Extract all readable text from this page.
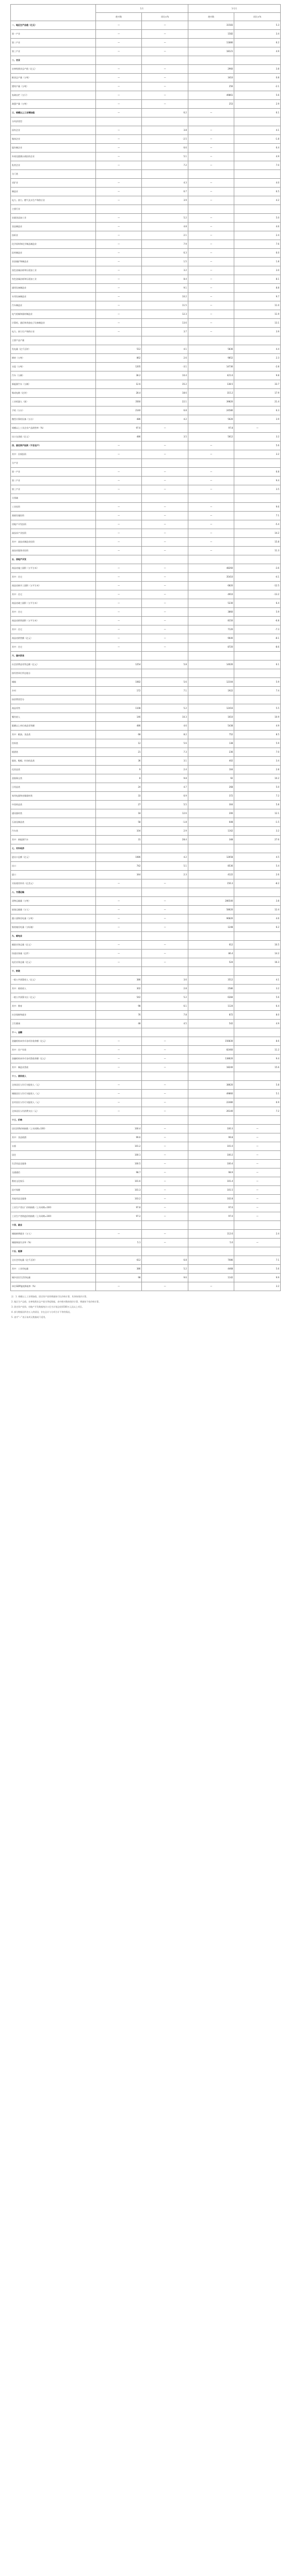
	1月		1-1月	
	绝对数	同比±%	绝对数	同比±%
一、地区生产总值（亿元）	—	—	31583	5.3
第一产业	—	—	1582	3.4
第二产业	—	—	11880	6.2
第三产业	—	—	18121	4.9
二、农业				
农林牧渔业总产值（亿元）	—	—	2960	3.8
粮食总产量（万吨）	—	—	3410	0.8
猪肉产量（万吨）	—	—	256	-2.1
家禽出栏（万只）	—	—	49861	5.6
禽蛋产量（万吨）	—	—	253	2.9
三、规模以上工业增加值	—	6.2	—	6.1
分经济类型				
国有企业	—	3.8	—	4.1
集体企业	—	-2.5	—	-1.8
股份制企业	—	6.6	—	6.4
外商及港澳台商投资企业	—	5.1	—	4.9
私营企业	—	7.2	—	7.0
分门类				
采矿业	—	4.3	—	4.0
制造业	—	6.7	—	6.5
电力、热力、燃气及水生产和供应业	—	3.9	—	4.2
主要行业				
农副食品加工业	—	5.2	—	5.0
食品制造业	—	4.8	—	4.6
纺织业	—	2.1	—	2.4
化学原料和化学制品制造业	—	7.9	—	7.6
医药制造业	—	6.3	—	6.0
非金属矿物制品业	—	1.5	—	1.8
黑色金属冶炼和压延加工业	—	3.2	—	3.0
有色金属冶炼和压延加工业	—	8.4	—	8.1
通用设备制造业	—	9.1	—	8.8
专用设备制造业	—	10.2	—	9.7
汽车制造业	—	11.5	—	11.0
电气机械和器材制造业	—	12.3	—	11.9
计算机、通信和其他电子设备制造业	—	13.6	—	13.1
电力、热力生产和供应业	—	3.7	—	3.9
主要产品产量				
发电量（亿千瓦时）	512	4.1	5836	4.4
钢材（万吨）	862	2.6	9852	2.3
水泥（万吨）	1205	-3.1	14736	-2.8
汽车（万辆）	38.2	10.4	421.6	9.8
新能源汽车（万辆）	12.6	35.2	138.5	33.7
集成电路（亿块）	28.4	18.6	315.2	17.9
工业机器人（套）	3560	22.1	39820	21.4
手机（万台）	2140	6.8	24580	6.3
微型计算机设备（万台）	486	4.2	5620	3.9
规模以上工业企业产品销售率（%）	97.6	—	97.8	—
出口交货值（亿元）	486	3.5	5612	3.2
四、固定资产投资（不含农户）	—	—	—	5.6
其中：民间投资	—	—	—	3.2
分产业				
第一产业	—	—	—	6.8
第二产业	—	—	—	9.4
第三产业	—	—	—	3.5
分领域				
工业投资	—	—	—	9.6
基础设施投资	—	—	—	7.1
房地产开发投资	—	—	—	-5.4
高技术产业投资	—	—	—	14.2
其中：高技术制造业投资	—	—	—	15.8
高技术服务业投资	—	—	—	11.3
五、房地产开发				
商品房施工面积（万平方米）	—	—	48260	-3.6
其中：住宅	—	—	35410	-4.1
商品房新开工面积（万平方米）	—	—	6820	-12.5
其中：住宅	—	—	4910	-13.2
商品房竣工面积（万平方米）	—	—	5230	6.4
其中：住宅	—	—	3860	5.9
商品房销售面积（万平方米）	—	—	8150	-6.8
其中：住宅	—	—	7120	-7.3
商品房销售额（亿元）	—	—	9640	-8.1
其中：住宅	—	—	8720	-8.6
六、国内贸易				
社会消费品零售总额（亿元）	1254	5.8	14026	6.1
按经营单位所在地分				
城镇	1082	5.6	12104	5.9
乡村	172	7.1	1922	7.4
按消费类型分				
商品零售	1108	5.2	12416	5.5
餐饮收入	146	10.3	1610	10.9
限额以上单位商品零售额	486	4.6	5438	4.9
其中：粮油、食品类	68	8.2	752	8.5
饮料类	12	5.6	138	5.9
烟酒类	21	7.3	236	7.0
服装、鞋帽、针纺织品类	36	3.1	402	3.4
化妆品类	9	2.4	104	2.8
金银珠宝类	8	9.8	92	10.2
日用品类	24	4.7	268	5.0
家用电器和音像器材类	33	6.9	372	7.2
中西药品类	27	5.5	304	5.8
通讯器材类	18	12.6	206	12.1
石油及制品类	58	-1.8	648	-1.5
汽车类	104	2.9	1162	3.2
其中：新能源汽车	31	28.4	348	27.6
七、对外经济				
进出口总额（亿元）	1086	4.2	12658	4.5
出口	742	5.1	8536	5.4
进口	344	2.3	4122	2.6
实际使用外资（亿美元）	—	—	156.3	-8.2
八、交通运输				
货物运输量（万吨）	—	—	286540	3.8
旅客运输量（万人）	—	—	58620	12.4
港口货物吞吐量（万吨）	—	—	96820	4.6
集装箱吞吐量（万标箱）	—	—	1248	6.2
九、邮电业				
邮政业务总量（亿元）	—	—	612	10.5
快递业务量（亿件）	—	—	86.4	14.2
电信业务总量（亿元）	—	—	524	16.3
十、财政				
一般公共预算收入（亿元）	386	3.6	3512	4.1
其中：税收收入	302	2.8	2586	3.2
一般公共预算支出（亿元）	542	5.2	6284	5.6
其中：教育	98	6.1	1124	6.4
社会保障和就业	76	7.8	872	8.0
卫生健康	48	4.5	542	4.9
十一、金融				
金融机构本外币各项存款余额（亿元）	—	—	156830	8.6
其中：住户存款	—	—	82460	11.2
金融机构本外币各项贷款余额（亿元）	—	—	138620	9.4
其中：制造业贷款	—	—	18240	15.6
十二、居民收入				
全体居民人均可支配收入（元）	—	—	38620	5.8
城镇居民人均可支配收入（元）	—	—	49860	5.1
农村居民人均可支配收入（元）	—	—	22480	6.9
全体居民人均消费支出（元）	—	—	26140	7.2
十三、价格				
居民消费价格指数（上年同期=100）	100.4	—	100.3	—
其中：食品烟酒	99.6	—	99.8	—
衣着	101.2	—	101.0	—
居住	100.1	—	100.2	—
生活用品及服务	100.5	—	100.4	—
交通通信	98.7	—	98.9	—
教育文化娱乐	101.6	—	101.4	—
医疗保健	101.3	—	101.5	—
其他用品及服务	103.2	—	102.8	—
工业生产者出厂价格指数（上年同期=100）	97.8	—	97.6	—
工业生产者购进价格指数（上年同期=100）	97.2	—	97.0	—
十四、就业				
城镇新增就业（万人）	—	—	112.6	2.4
城镇调查失业率（%）	5.1	—	5.0	—
十五、能源				
全社会用电量（亿千瓦时）	612	6.8	7086	7.1
其中：工业用电量	386	5.2	4468	5.6
城乡居民生活用电量	98	9.6	1142	9.9
单位GDP能耗降低率（%）	—	—	—	3.2

注：1. 规模以上工业增加值、固定资产投资增速按可比价格计算，其余按现价计算。

2. 地区生产总值、农林牧渔业总产值为季度数据，表中绝对数按现价计算，增速按不变价格计算。

3. 固定资产投资、房地产开发数据统计口径为计划总投资500万元及以上项目。

4. 部分数据因四舍五入的原因，存在总计与分项合计不等的情况。

5. 表中“—”表示该项无数据或不适用。
